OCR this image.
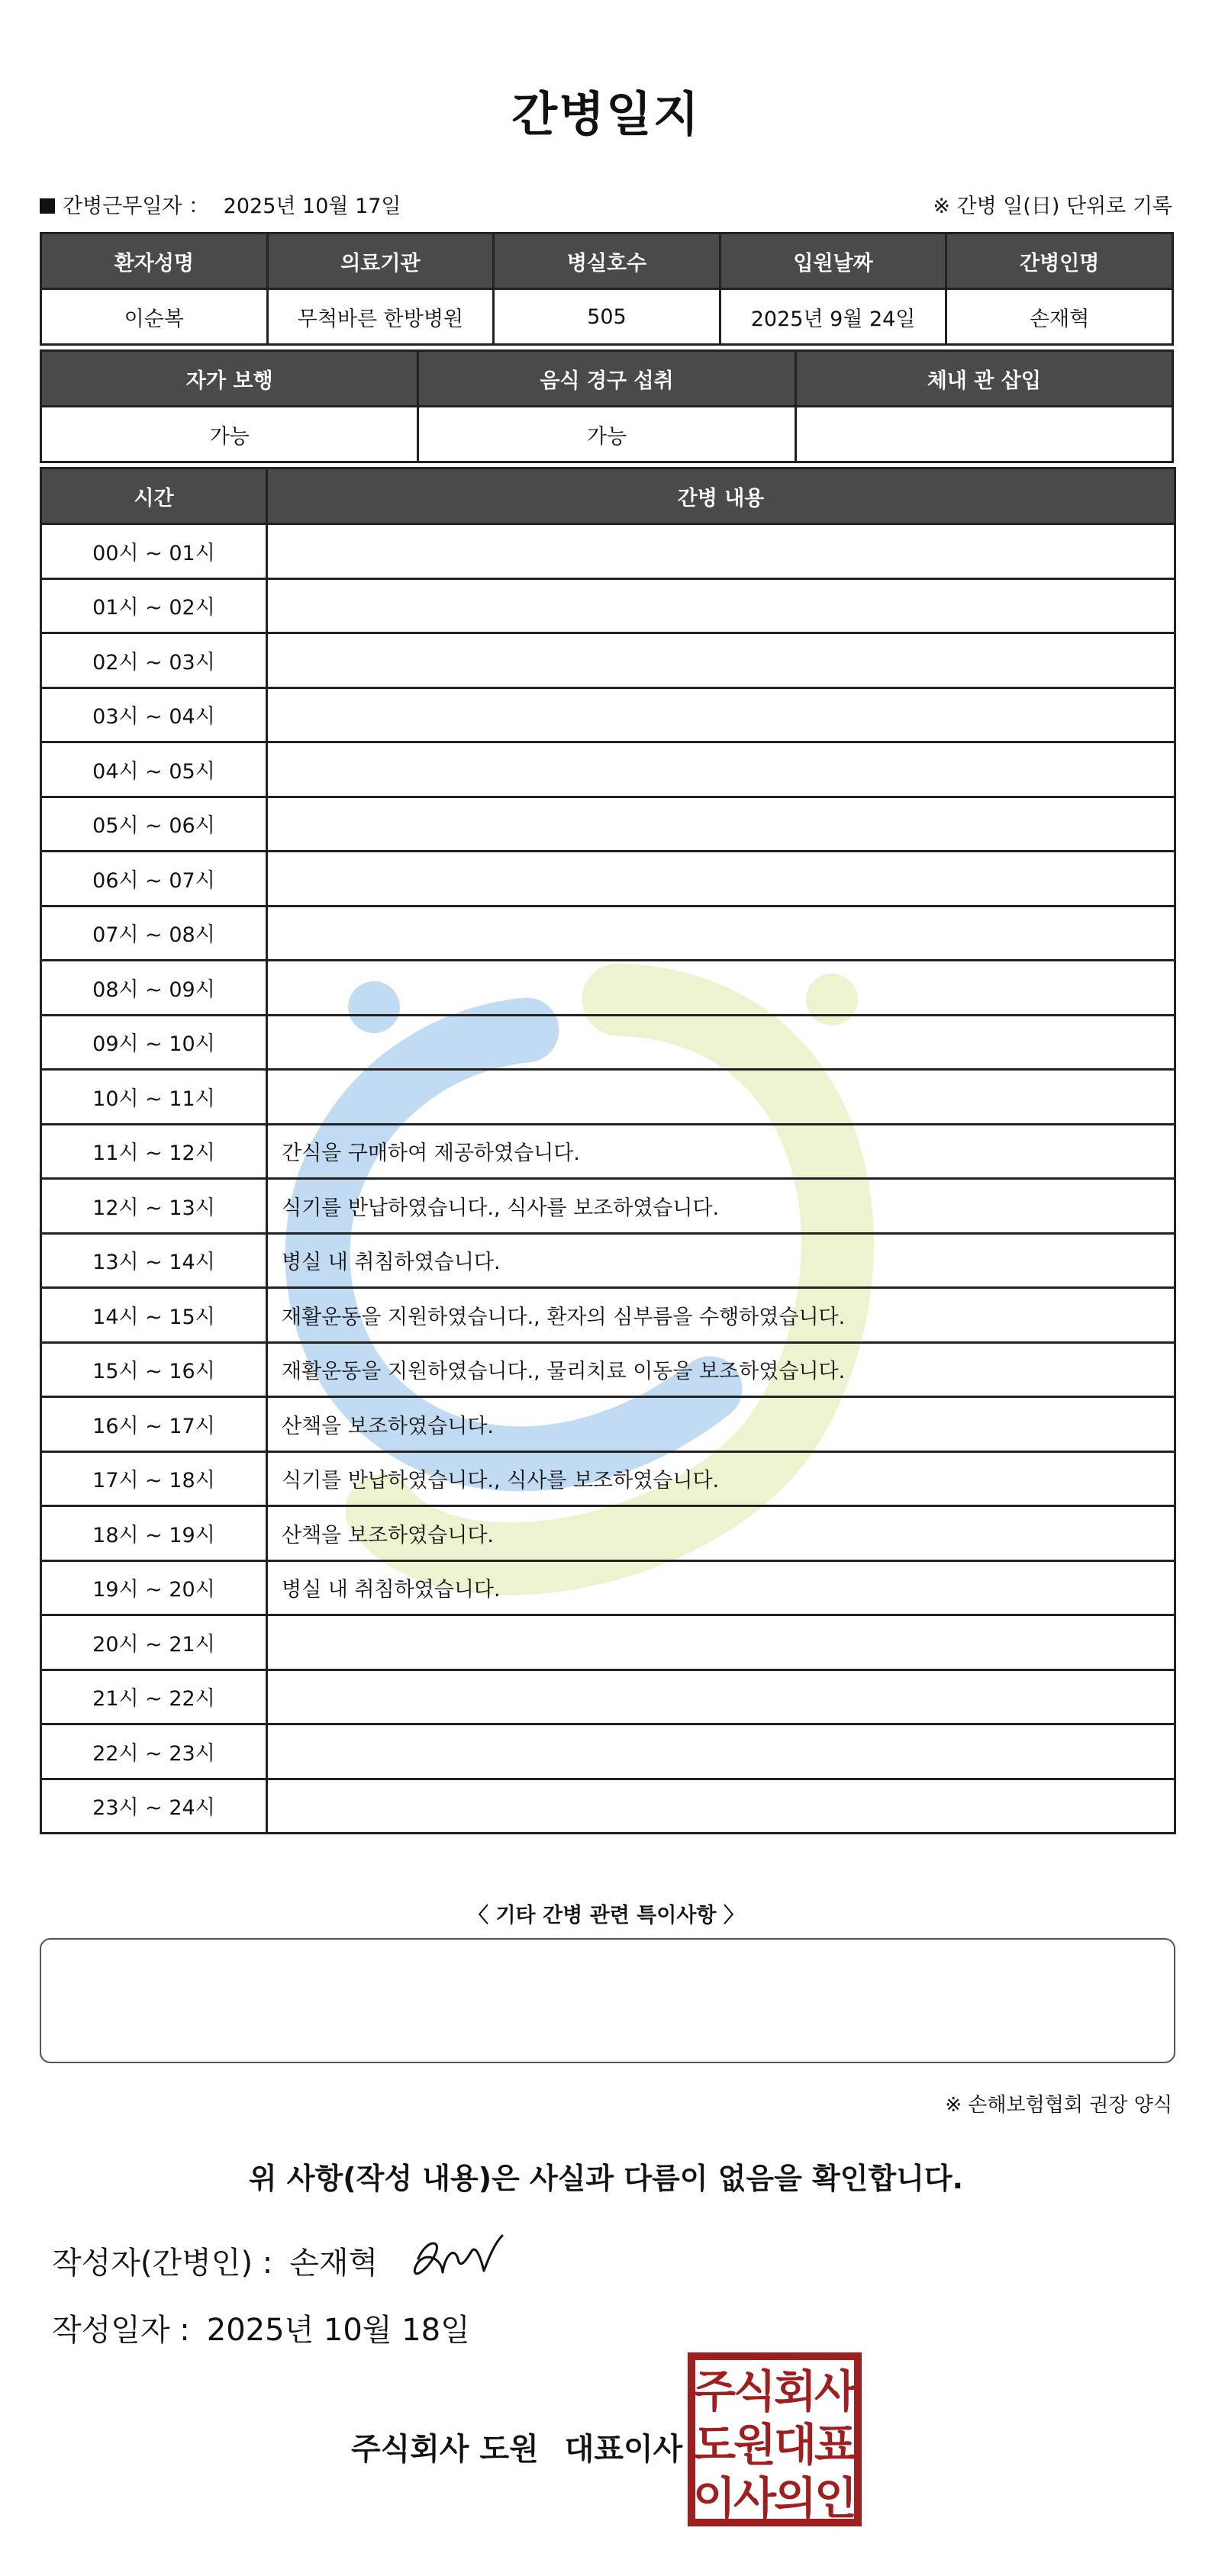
간병일지
간병근무일자 ： 2025년 10월 17일	※ 간병 일(日) 단위로 기록
환자성명	의료기관	병실호수	입원날짜	간병인명
이순복	무척바른 한방병원	505	2025년 9월 24일	손재혁
자가 보행	음식 경구 섭취	체내 관 삽입
가능	가능	
시간	간병 내용
00시 ~ 01시	
01시 ~ 02시	
02시 ~ 03시	
03시 ~ 04시	
04시 ~ 05시	
05시 ~ 06시	
06시 ~ 07시	
07시 ~ 08시	
08시 ~ 09시	
09시 ~ 10시	
10시 ~ 11시	
11시 ~ 12시	간식을 구매하여 제공하였습니다.
12시 ~ 13시	식기를 반납하였습니다., 식사를 보조하였습니다.
13시 ~ 14시	병실 내 취침하였습니다.
14시 ~ 15시	재활운동을 지원하였습니다., 환자의 심부름을 수행하였습니다.
15시 ~ 16시	재활운동을 지원하였습니다., 물리치료 이동을 보조하였습니다.
16시 ~ 17시	산책을 보조하였습니다.
17시 ~ 18시	식기를 반납하였습니다., 식사를 보조하였습니다.
18시 ~ 19시	산책을 보조하였습니다.
19시 ~ 20시	병실 내 취침하였습니다.
20시 ~ 21시	
21시 ~ 22시	
22시 ~ 23시	
23시 ~ 24시	
〈 기타 간병 관련 특이사항 〉
※ 손해보험협회 권장 양식
위 사항(작성 내용)은 사실과 다름이 없음을 확인합니다.
작성자(간병인) : 손재혁
작성일자 : 2025년 10월 18일
주식회사 도원 대표이사
주
식
회
사
도
원
대
표
이
사
의
인
